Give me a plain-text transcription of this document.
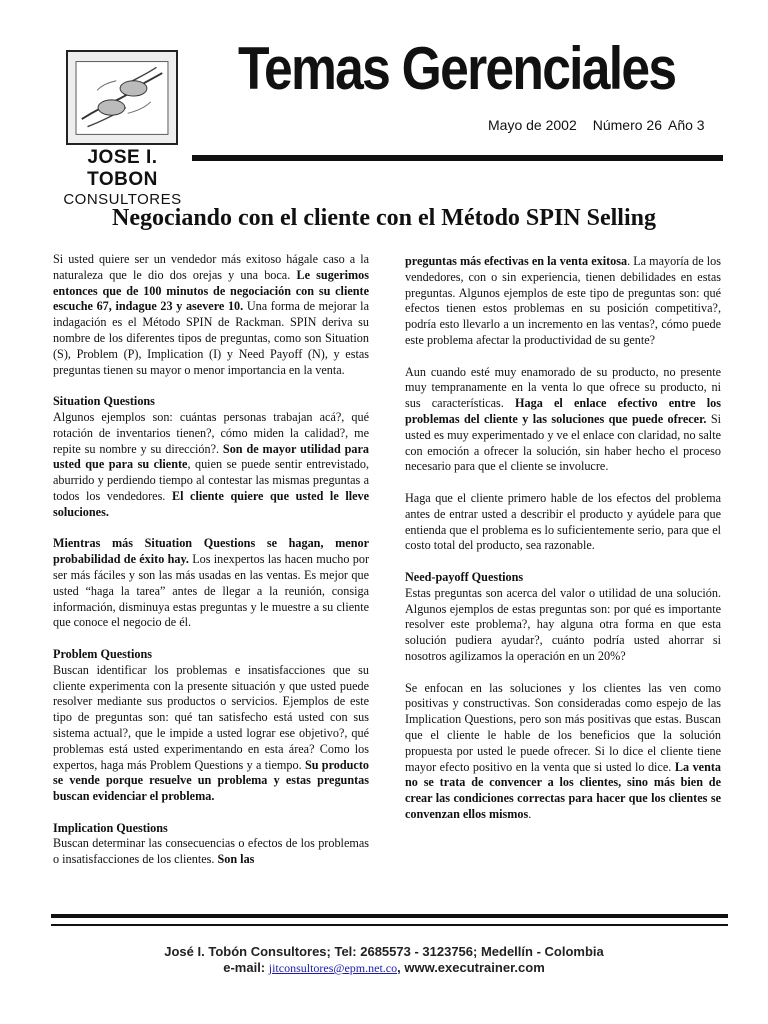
JOSE I. TOBON
CONSULTORES
Temas Gerenciales
Mayo de 2002 Número 26 Año 3
Negociando con el cliente con el Método SPIN Selling

Si usted quiere ser un vendedor más exitoso hágale caso a la naturaleza que le dio dos orejas y una boca. Le sugerimos entonces que de 100 minutos de negociación con su cliente escuche 67, indague 23 y asevere 10. Una forma de mejorar la indagación es el Método SPIN de Rackman. SPIN deriva su nombre de los diferentes tipos de preguntas, como son Situation (S), Problem (P), Implication (I) y Need Payoff (N), y estas preguntas tienen su mayor o menor importancia en la venta.

Situation Questions

Algunos ejemplos son: cuántas personas trabajan acá?, qué rotación de inventarios tienen?, cómo miden la calidad?, me repite su nombre y su dirección?. Son de mayor utilidad para usted que para su cliente, quien se puede sentir entrevistado, aburrido y perdiendo tiempo al contestar las mismas preguntas a todos los vendedores. El cliente quiere que usted le lleve soluciones.

Mientras más Situation Questions se hagan, menor probabilidad de éxito hay. Los inexpertos las hacen mucho por ser más fáciles y son las más usadas en las ventas. Es mejor que usted “haga la tarea” antes de llegar a la reunión, consiga información, disminuya estas preguntas y le muestre a su cliente que conoce el negocio de él.

Problem Questions

Buscan identificar los problemas e insatisfacciones que su cliente experimenta con la presente situación y que usted puede resolver mediante sus productos o servicios. Ejemplos de este tipo de preguntas son: qué tan satisfecho está usted con sus sistema actual?, que le impide a usted lograr ese objetivo?, qué problemas está usted experimentando en esta área? Como los expertos, haga más Problem Questions y a tiempo. Su producto se vende porque resuelve un problema y estas preguntas buscan evidenciar el problema.

Implication Questions

Buscan determinar las consecuencias o efectos de los problemas o insatisfacciones de los clientes. Son las

preguntas más efectivas en la venta exitosa. La mayoría de los vendedores, con o sin experiencia, tienen debilidades en estas preguntas. Algunos ejemplos de este tipo de preguntas son: qué efectos tienen estos problemas en su posición competitiva?, podría esto llevarlo a un incremento en las ventas?, cómo puede este problema afectar la productividad de su gente?

Aun cuando esté muy enamorado de su producto, no presente muy tempranamente en la venta lo que ofrece su producto, ni sus características. Haga el enlace efectivo entre los problemas del cliente y las soluciones que puede ofrecer. Si usted es muy experimentado y ve el enlace con claridad, no salte con emoción a ofrecer la solución, sin haber hecho el proceso necesario para que el cliente se involucre.

Haga que el cliente primero hable de los efectos del problema antes de entrar usted a describir el producto y ayúdele para que entienda que el problema es lo suficientemente serio, para que el costo total del producto, sea razonable.

Need-payoff Questions

Estas preguntas son acerca del valor o utilidad de una solución. Algunos ejemplos de estas preguntas son: por qué es importante resolver este problema?, hay alguna otra forma en que esta solución pudiera ayudar?, cuánto podría usted ahorrar si nosotros agilizamos la operación en un 20%?

Se enfocan en las soluciones y los clientes las ven como positivas y constructivas. Son consideradas como espejo de las Implication Questions, pero son más positivas que estas. Buscan que el cliente le hable de los beneficios que la solución propuesta por usted le puede ofrecer. Si lo dice el cliente tiene mayor efecto positivo en la venta que si usted lo dice. La venta no se trata de convencer a los clientes, sino más bien de crear las condiciones correctas para hacer que los clientes se convenzan ellos mismos.

José I. Tobón Consultores; Tel: 2685573 - 3123756; Medellín - Colombia
e-mail: jitconsultores@epm.net.co, www.executrainer.com
